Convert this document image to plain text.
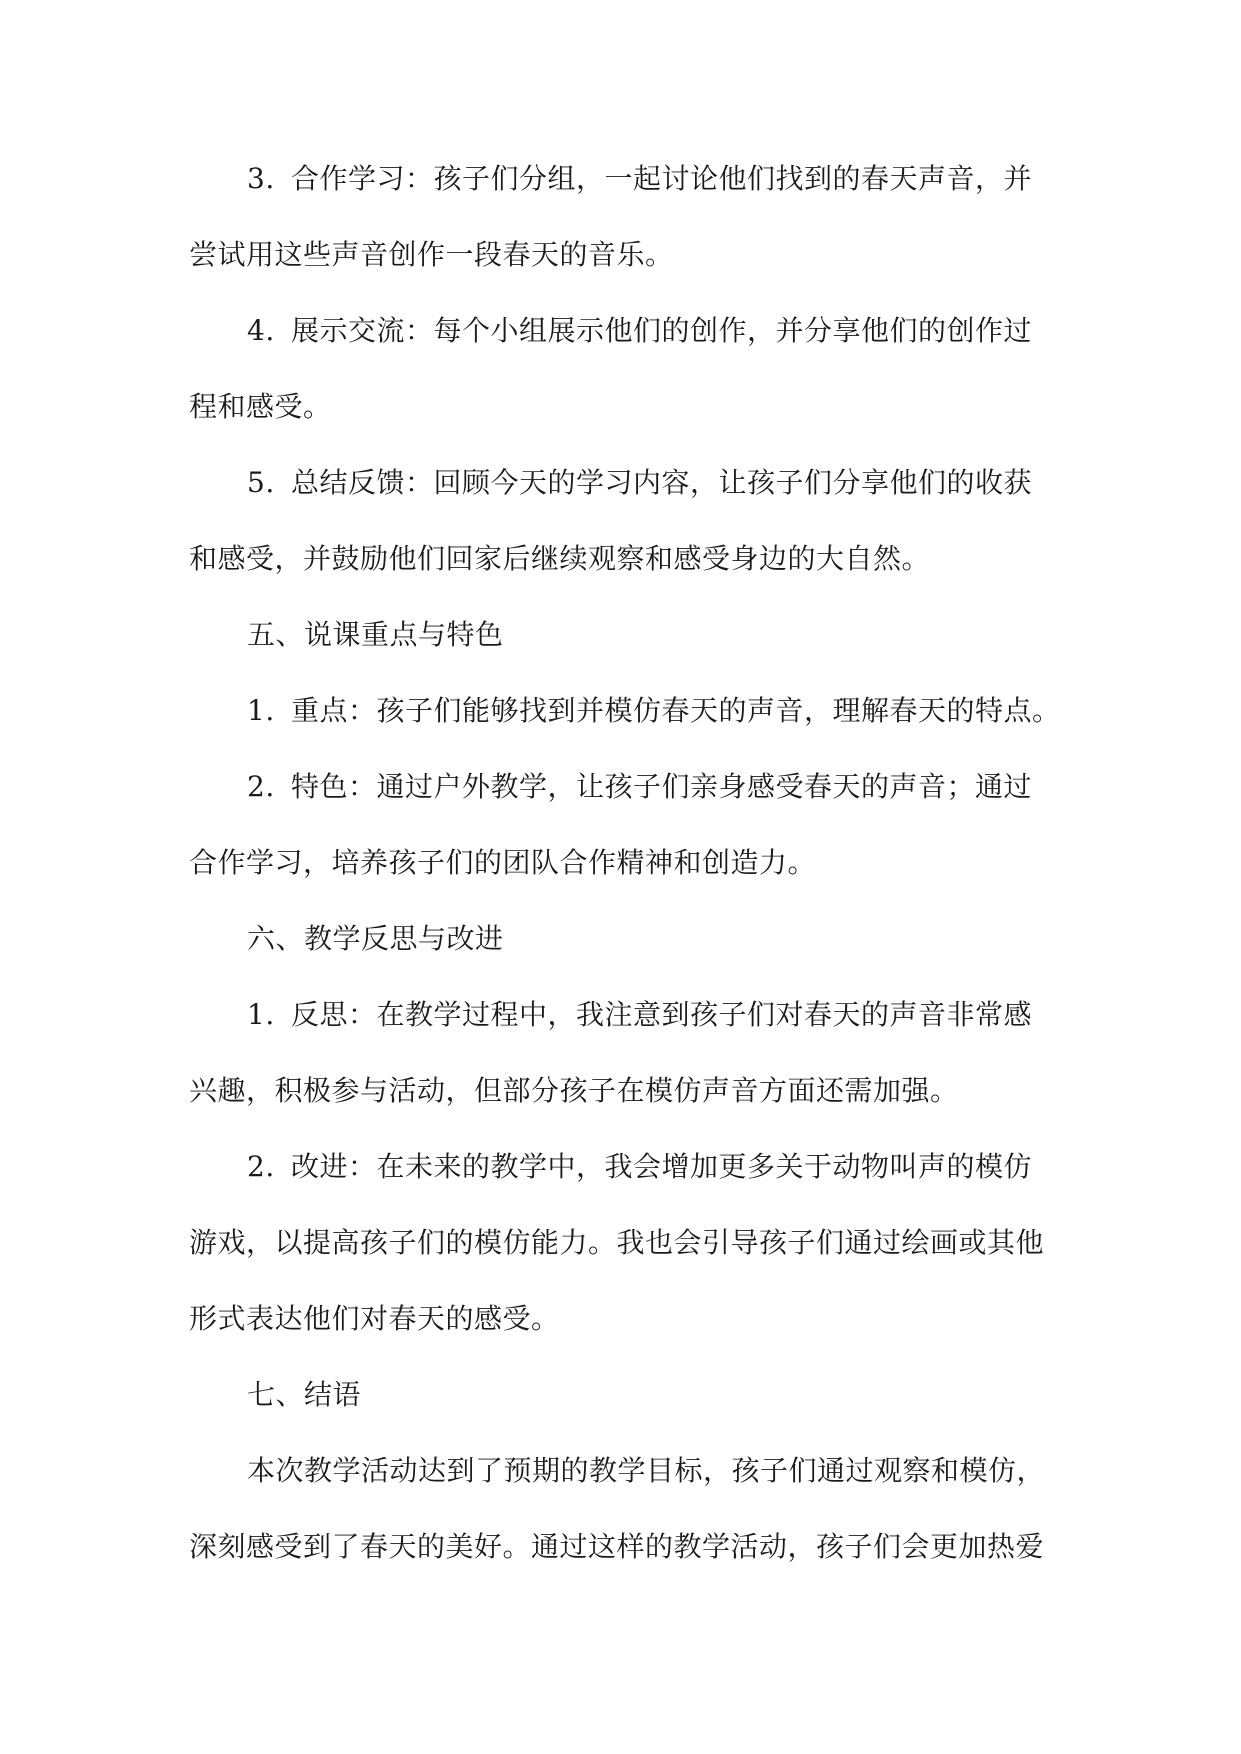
3. 合作学习：孩子们分组，一起讨论他们找到的春天声音，并
尝试用这些声音创作一段春天的音乐。
4. 展示交流：每个小组展示他们的创作，并分享他们的创作过
程和感受。
5. 总结反馈：回顾今天的学习内容，让孩子们分享他们的收获
和感受，并鼓励他们回家后继续观察和感受身边的大自然。
五、说课重点与特色
1. 重点：孩子们能够找到并模仿春天的声音，理解春天的特点。
2. 特色：通过户外教学，让孩子们亲身感受春天的声音；通过
合作学习，培养孩子们的团队合作精神和创造力。
六、教学反思与改进
1. 反思：在教学过程中，我注意到孩子们对春天的声音非常感
兴趣，积极参与活动，但部分孩子在模仿声音方面还需加强。
2. 改进：在未来的教学中，我会增加更多关于动物叫声的模仿
游戏，以提高孩子们的模仿能力。我也会引导孩子们通过绘画或其他
形式表达他们对春天的感受。
七、结语
本次教学活动达到了预期的教学目标，孩子们通过观察和模仿，
深刻感受到了春天的美好。通过这样的教学活动，孩子们会更加热爱
